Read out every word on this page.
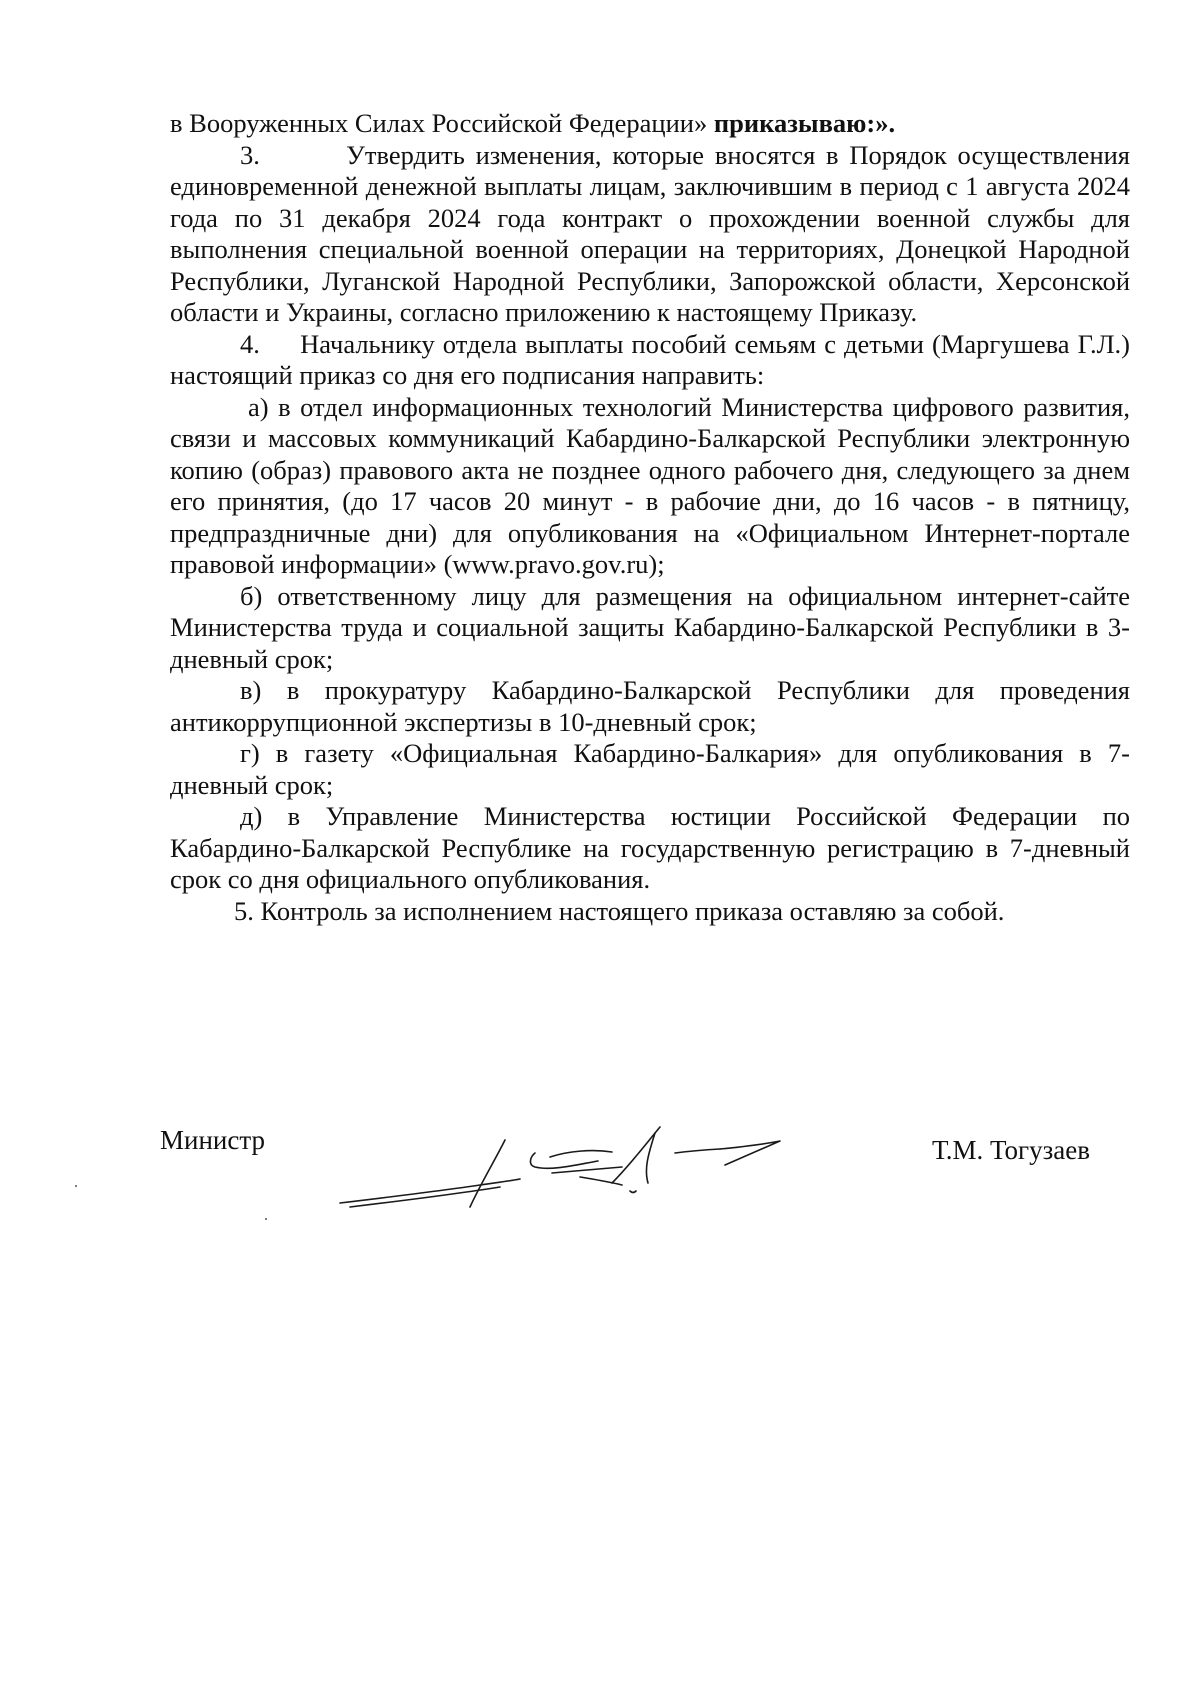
в Вооруженных Силах Российской Федерации» приказываю:».

3.        Утвердить изменения, которые вносятся в Порядок осуществления единовременной денежной выплаты лицам, заключившим в период с 1 августа 2024 года по 31 декабря 2024 года контракт о прохождении военной службы для выполнения специальной военной операции на территориях, Донецкой Народной Республики, Луганской Народной Республики, Запорожской области, Херсонской области и Украины, согласно приложению к настоящему Приказу.

4.     Начальнику отдела выплаты пособий семьям с детьми (Маргушева Г.Л.) настоящий приказ со дня его подписания направить:

а) в отдел информационных технологий Министерства цифрового развития, связи и массовых коммуникаций Кабардино-Балкарской Республики электронную копию (образ) правового акта не позднее одного рабочего дня, следующего за днем его принятия, (до 17 часов 20 минут - в рабочие дни, до 16 часов - в пятницу, предпраздничные дни) для опубликования на «Официальном Интернет-портале правовой информации» (www.pravo.gov.ru);

б) ответственному лицу для размещения на официальном интернет-сайте Министерства труда и социальной защиты Кабардино-Балкарской Республики в 3-дневный срок;

в) в прокуратуру Кабардино-Балкарской Республики для проведения антикоррупционной экспертизы в 10-дневный срок;

г) в газету «Официальная Кабардино-Балкария» для опубликования в 7-дневный срок;

д) в Управление Министерства юстиции Российской Федерации по Кабардино-Балкарской Республике на государственную регистрацию в 7-дневный срок со дня официального опубликования.

5. Контроль за исполнением настоящего приказа оставляю за собой.

Министр	Т.М. Тогузаев
